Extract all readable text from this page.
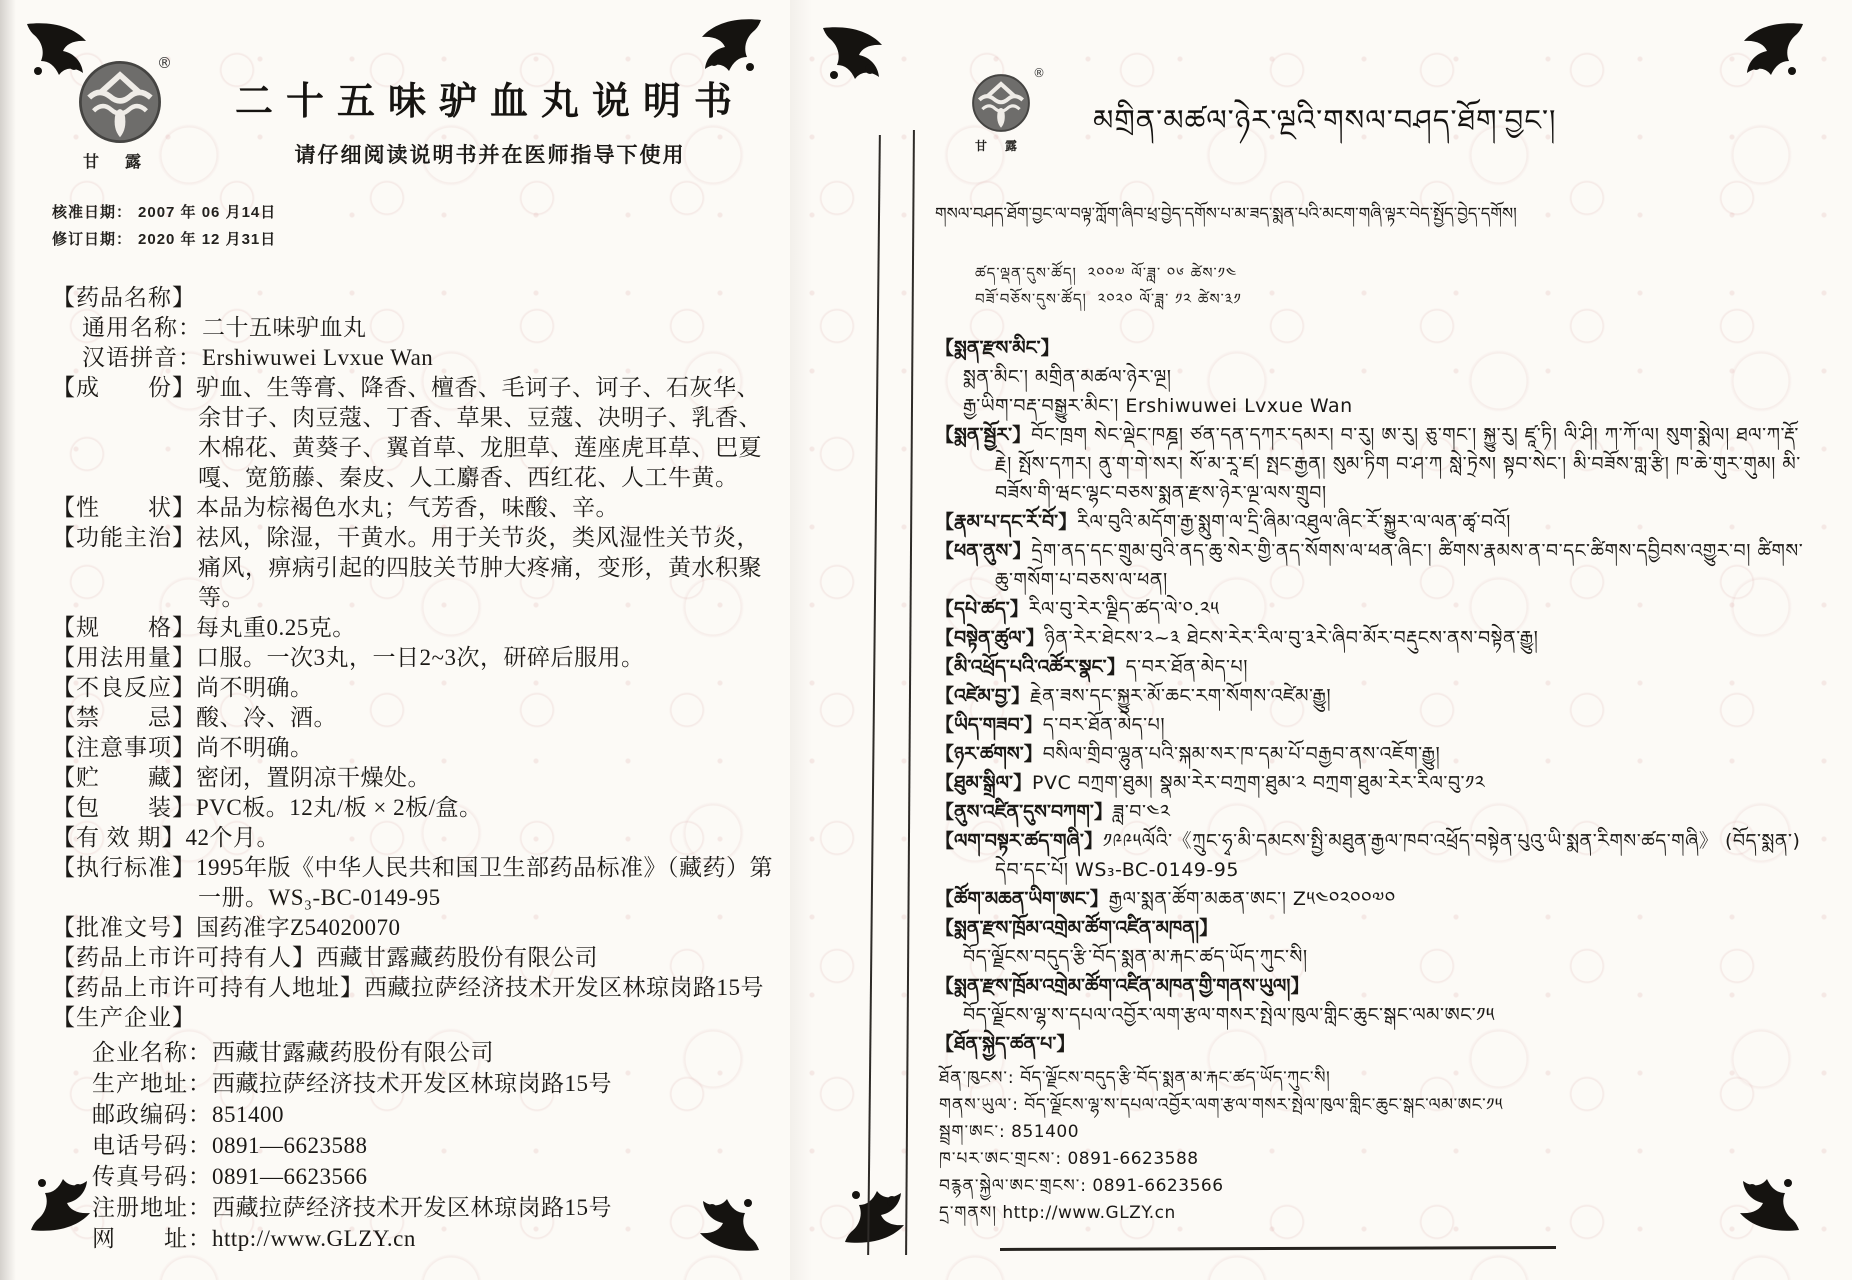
®
甘露
二十五味驴血丸说明书
请仔细阅读说明书并在医师指导下使用
核准日期： 2007 年 06 月14日
修订日期： 2020 年 12 月31日
【药品名称】
通用名称：二十五味驴血丸
汉语拼音：Ershiwuwei Lvxue Wan
【成　　份】驴血、生等膏、降香、檀香、毛诃子、诃子、石灰华、余甘子、肉豆蔻、丁香、草果、豆蔻、决明子、乳香、木棉花、黄葵子、翼首草、龙胆草、莲座虎耳草、巴夏嘎、宽筋藤、秦皮、人工麝香、西红花、人工牛黄。
【性　　状】本品为棕褐色水丸；气芳香，味酸、辛。
【功能主治】祛风，除湿，干黄水。用于关节炎，类风湿性关节炎，痛风，痹病引起的四肢关节肿大疼痛，变形，黄水积聚等。
【规　　格】每丸重0.25克。
【用法用量】口服。一次3丸，一日2~3次，研碎后服用。
【不良反应】尚不明确。
【禁　　忌】酸、冷、酒。
【注意事项】尚不明确。
【贮　　藏】密闭，置阴凉干燥处。
【包　　装】PVC板。12丸/板 × 2板/盒。
【有 效 期】42个月。
【执行标准】1995年版《中华人民共和国卫生部药品标准》（藏药）第一册。WS₃-BC-0149-95
【批准文号】国药准字Z54020070
【药品上市许可持有人】西藏甘露藏药股份有限公司
【药品上市许可持有人地址】西藏拉萨经济技术开发区林琼岗路15号
【生产企业】
企业名称：西藏甘露藏药股份有限公司
生产地址：西藏拉萨经济技术开发区林琼岗路15号
邮政编码：851400
电话号码：0891—6623588
传真号码：0891—6623566
注册地址：西藏拉萨经济技术开发区林琼岗路15号
网　　址：http://www.GLZY.cn
®
甘露
མགྲིན་མཚལ་ཉེར་ལྔའི་གསལ་བཤད་ཐོག་བྱང་།
གསལ་བཤད་ཐོག་བྱང་ལ་བལྟ་ཀློག་ཞིབ་ཕྲ་བྱེད་དགོས་པ་མ་ཟད་སྨན་པའི་མངག་གཞི་ལྟར་བེད་སྤྱོད་བྱེད་དགོས།
ཚད་ལྡན་དུས་ཚོད། ༢༠༠༧ ལོ་ཟླ་ ༠༦ ཚེས་༡༤
བཟོ་བཅོས་དུས་ཚོད། ༢༠༢༠ ལོ་ཟླ་ ༡༢ ཚེས་༣༡
【སྨན་རྫས་མིང་】
སྨན་མིང་། མགྲིན་མཚལ་ཉེར་ལྔ།
རྒྱ་ཡིག་བརྡ་བསྒྱུར་མིང་། Ershiwuwei Lvxue Wan
【སྨན་སྦྱོར་】བོང་ཁྲག སེང་ལྡེང་ཁཎྜ། ཙན་དན་དཀར་དམར། བ་རུ། ཨ་རུ། ཅུ་གང་། སྐྱུ་རུ། ཛཱ་ཏི། ལི་ཤི། ཀ་ཀོ་ལ། སུག་སྨེལ། ཐལ་ཀ་རྡོ་རྗེ། སྤོས་དཀར། ནུ་ག་གེ་སར། སོ་མ་རཱ་ཛ། སྤང་རྒྱན། སུམ་ཏིག བ་ཤ་ཀ སླེ་ཏྲེས། སྟབ་སེང་། མི་བཟོས་གླ་རྩི། ཁ་ཆེ་གུར་གུམ། མི་བཟོས་གི་ཝང་ལྷང་བཅས་སྨན་རྫས་ཉེར་ལྔ་ལས་གྲུབ།
【རྣམ་པ་དང་རོ་བོ་】རིལ་བུའི་མདོག་རྒྱ་སྨུག་ལ་དྲི་ཞིམ་འཐུལ་ཞིང་རོ་སྐྱུར་ལ་ལན་ཚྭ་བའོ།
【ཕན་ནུས་】དྲེག་ནད་དང་གྲུམ་བུའི་ནད་ཆུ་སེར་གྱི་ནད་སོགས་ལ་ཕན་ཞིང་། ཚིགས་རྣམས་ན་བ་དང་ཚིགས་དབྱིབས་འགྱུར་བ། ཚིགས་ཆུ་གསོག་པ་བཅས་ལ་ཕན།
【དཔེ་ཚད་】རིལ་བུ་རེར་ལྗིད་ཚད་ལེ་༠.༢༥
【བསྟེན་ཚུལ་】ཉིན་རེར་ཐེངས་༢~༣ ཐེངས་རེར་རིལ་བུ་༣རེ་ཞིབ་མོར་བརྡུངས་ནས་བསྟེན་རྒྱུ།
【མི་འཕྲོད་པའི་འཚོར་སྣང་】ད་བར་ཐོན་མེད་པ།
【འཛེམ་བྱ་】རྗེན་ཟས་དང་སྐྱུར་མོ་ཆང་རག་སོགས་འཛེམ་རྒྱུ།
【ཡིད་གཟབ་】ད་བར་ཐོན་མེད་པ།
【ཉར་ཚགས་】བསིལ་གྲིབ་ལྷུན་པའི་སྐམ་སར་ཁ་དམ་པོ་བརྒྱབ་ནས་འཇོག་རྒྱུ།
【ཐུམ་སྒྲིལ་】PVC བཀྲག་ཐུམ། སྣམ་རེར་བཀྲག་ཐུམ་༢ བཀྲག་ཐུམ་རེར་རིལ་བུ་༡༢
【ནུས་འཛིན་དུས་བཀག་】ཟླ་བ་༤༢
【ལག་བསྟར་ཚད་གཞི་】༡༩༩༥ལོའི་《ཀྲུང་ཧྭ་མི་དམངས་སྤྱི་མཐུན་རྒྱལ་ཁབ་འཕྲོད་བསྟེན་པུའུ་ཡི་སྨན་རིགས་ཚད་གཞི》 (བོད་སྨན་) དེབ་དང་པོ། WS₃-BC-0149-95
【ཚོག་མཆན་ཡིག་ཨང་】རྒྱལ་སྨན་ཚོག་མཆན་ཨང་། Z༥༤༠༢༠༠༧༠
【སྨན་རྫས་ཁྲོམ་འགྲེམ་ཚོག་འཛིན་མཁན།】
བོད་ལྗོངས་བདུད་རྩི་བོད་སྨན་མ་རྐང་ཚད་ཡོད་ཀུང་སི།
【སྨན་རྫས་ཁྲོམ་འགྲེམ་ཚོག་འཛིན་མཁན་གྱི་གནས་ཡུལ།】
བོད་ལྗོངས་ལྷ་ས་དཔལ་འབྱོར་ལག་རྩལ་གསར་སྤེལ་ཁུལ་གླིང་ཆུང་སྒང་ལམ་ཨང་༡༥
【ཐོན་སྐྱེད་ཚན་པ་】
ཐོན་ཁུངས་: བོད་ལྗོངས་བདུད་རྩི་བོད་སྨན་མ་རྐང་ཚད་ཡོད་ཀུང་སི།
གནས་ཡུལ་: བོད་ལྗོངས་ལྷ་ས་དཔལ་འབྱོར་ལག་རྩལ་གསར་སྤེལ་ཁུལ་གླིང་ཆུང་སྒང་ལམ་ཨང་༡༥
སྦྲག་ཨང་: 851400
ཁ་པར་ཨང་གྲངས་: 0891-6623588
བརྙན་སྐྱེལ་ཨང་གྲངས་: 0891-6623566
དྲ་གནས། http://www.GLZY.cn
